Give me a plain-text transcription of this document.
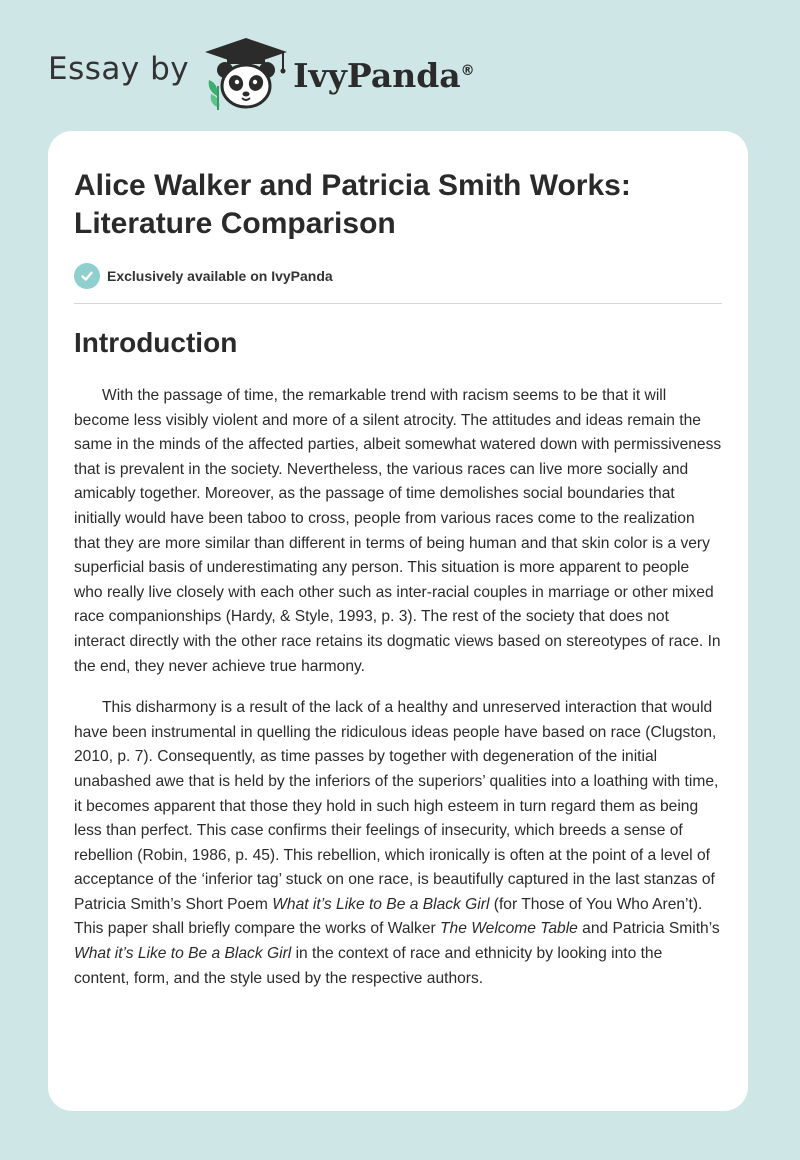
Essay by	IvyPanda®
Alice Walker and Patricia Smith Works: Literature Comparison
Exclusively available on IvyPanda
Introduction

With the passage of time, the remarkable trend with racism seems to be that it will become less visibly violent and more of a silent atrocity. The attitudes and ideas remain the same in the minds of the affected parties, albeit somewhat watered down with permissiveness that is prevalent in the society. Nevertheless, the various races can live more socially and amicably together. Moreover, as the passage of time demolishes social boundaries that initially would have been taboo to cross, people from various races come to the realization that they are more similar than different in terms of being human and that skin color is a very superficial basis of underestimating any person. This situation is more apparent to people who really live closely with each other such as inter-racial couples in marriage or other mixed race companionships (Hardy, & Style, 1993, p. 3). The rest of the society that does not interact directly with the other race retains its dogmatic views based on stereotypes of race. In the end, they never achieve true harmony.

This disharmony is a result of the lack of a healthy and unreserved interaction that would have been instrumental in quelling the ridiculous ideas people have based on race (Clugston, 2010, p. 7). Consequently, as time passes by together with degeneration of the initial unabashed awe that is held by the inferiors of the superiors’ qualities into a loathing with time, it becomes apparent that those they hold in such high esteem in turn regard them as being less than perfect. This case confirms their feelings of insecurity, which breeds a sense of rebellion (Robin, 1986, p. 45). This rebellion, which ironically is often at the point of a level of acceptance of the ‘inferior tag’ stuck on one race, is beautifully captured in the last stanzas of Patricia Smith’s Short Poem What it’s Like to Be a Black Girl (for Those of You Who Aren’t). This paper shall briefly compare the works of Walker The Welcome Table and Patricia Smith’s What it’s Like to Be a Black Girl in the context of race and ethnicity by looking into the content, form, and the style used by the respective authors.
